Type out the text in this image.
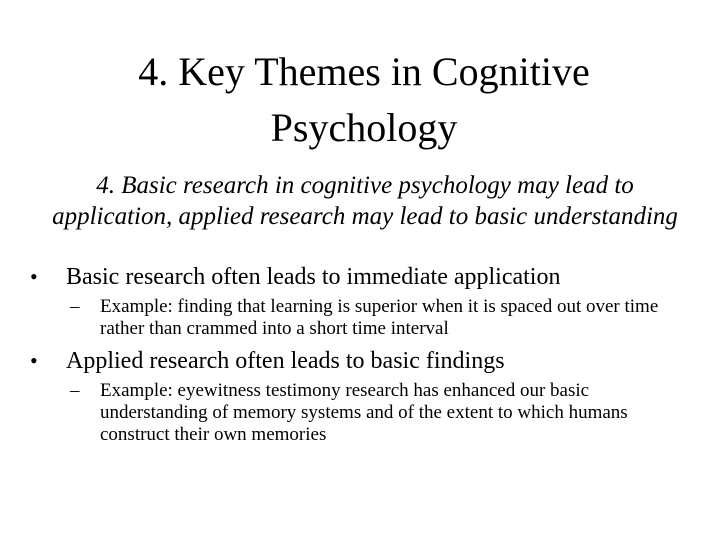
4. Key Themes in Cognitive Psychology

4. Basic research in cognitive psychology may lead to application, applied research may lead to basic understanding

•	Basic research often leads to immediate application
– Example: finding that learning is superior when it is spaced out over time rather than crammed into a short time interval
•	Applied research often leads to basic findings
– Example: eyewitness testimony research has enhanced our basic understanding of memory systems and of the extent to which humans construct their own memories
